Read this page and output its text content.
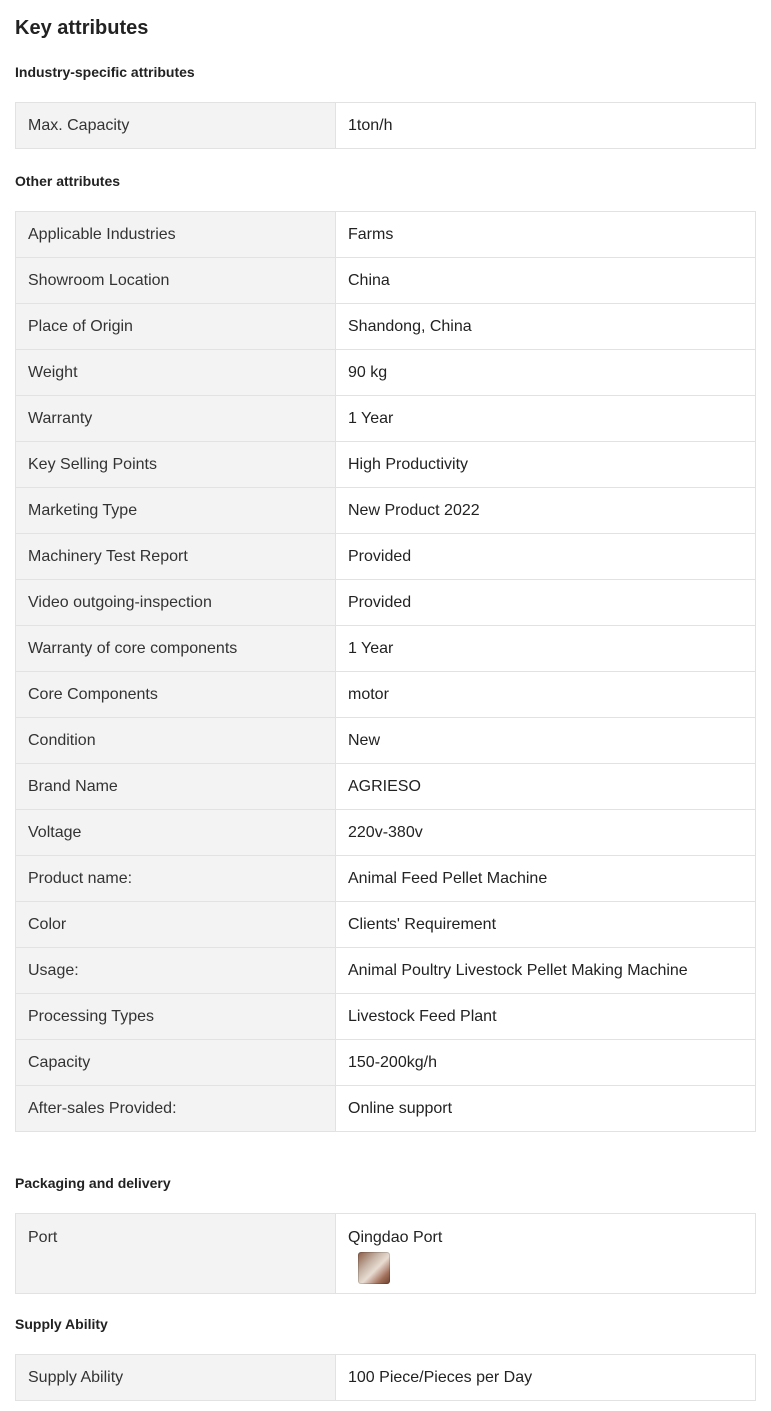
Key attributes
Industry-specific attributes
Max. Capacity	1ton/h
Other attributes
Applicable Industries	Farms
Showroom Location	China
Place of Origin	Shandong, China
Weight	90 kg
Warranty	1 Year
Key Selling Points	High Productivity
Marketing Type	New Product 2022
Machinery Test Report	Provided
Video outgoing-inspection	Provided
Warranty of core components	1 Year
Core Components	motor
Condition	New
Brand Name	AGRIESO
Voltage	220v-380v
Product name:	Animal Feed Pellet Machine
Color	Clients' Requirement
Usage:	Animal Poultry Livestock Pellet Making Machine
Processing Types	Livestock Feed Plant
Capacity	150-200kg/h
After-sales Provided:	Online support
Packaging and delivery
Port	Qingdao Port
Supply Ability
Supply Ability	100 Piece/Pieces per Day
